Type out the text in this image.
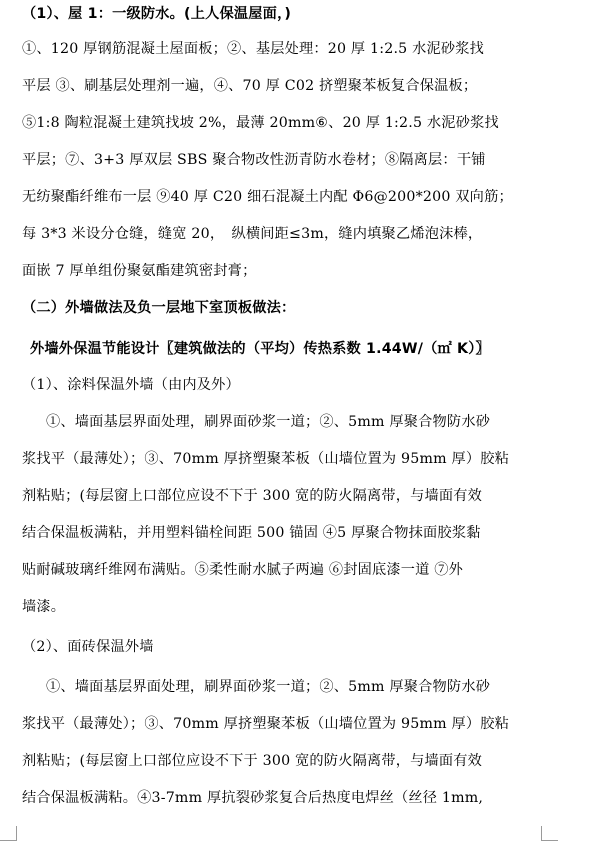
（1）、屋 1：一级防水。(上人保温屋面，)
①、120 厚钢筋混凝土屋面板；②、基层处理：20 厚 1:2.5 水泥砂浆找
平层 ③、刷基层处理剂一遍，④、70 厚 C02 挤塑聚苯板复合保温板；
⑤1:8 陶粒混凝土建筑找坡 2%，最薄 20mm⑥、20 厚 1:2.5 水泥砂浆找
平层；⑦、3+3 厚双层 SBS 聚合物改性沥青防水卷材；⑧隔离层：干铺
无纺聚酯纤维布一层 ⑨40 厚 C20 细石混凝土内配 Φ6@200*200 双向筋；
每 3*3 米设分仓缝，缝宽 20，　纵横间距≤3m，缝内填聚乙烯泡沫棒，
面嵌 7 厚单组份聚氨酯建筑密封膏；
（二）外墙做法及负一层地下室顶板做法：
外墙外保温节能设计〖建筑做法的（平均）传热系数 1.44W/（㎡ K）〗
（1）、涂料保温外墙（由内及外）
①、墙面基层界面处理，刷界面砂浆一道；②、5mm 厚聚合物防水砂
浆找平（最薄处）；③、70mm 厚挤塑聚苯板（山墙位置为 95mm 厚）胶粘
剂粘贴；(每层窗上口部位应设不下于 300 宽的防火隔离带，与墙面有效
结合保温板满粘，并用塑料锚栓间距 500 锚固 ④5 厚聚合物抹面胶浆黏
贴耐碱玻璃纤维网布满贴。⑤柔性耐水腻子两遍 ⑥封固底漆一道 ⑦外
墙漆。
（2）、面砖保温外墙
①、墙面基层界面处理，刷界面砂浆一道；②、5mm 厚聚合物防水砂
浆找平（最薄处）；③、70mm 厚挤塑聚苯板（山墙位置为 95mm 厚）胶粘
剂粘贴；(每层窗上口部位应设不下于 300 宽的防火隔离带，与墙面有效
结合保温板满粘。④3-7mm 厚抗裂砂浆复合后热度电焊丝（丝径 1mm,
